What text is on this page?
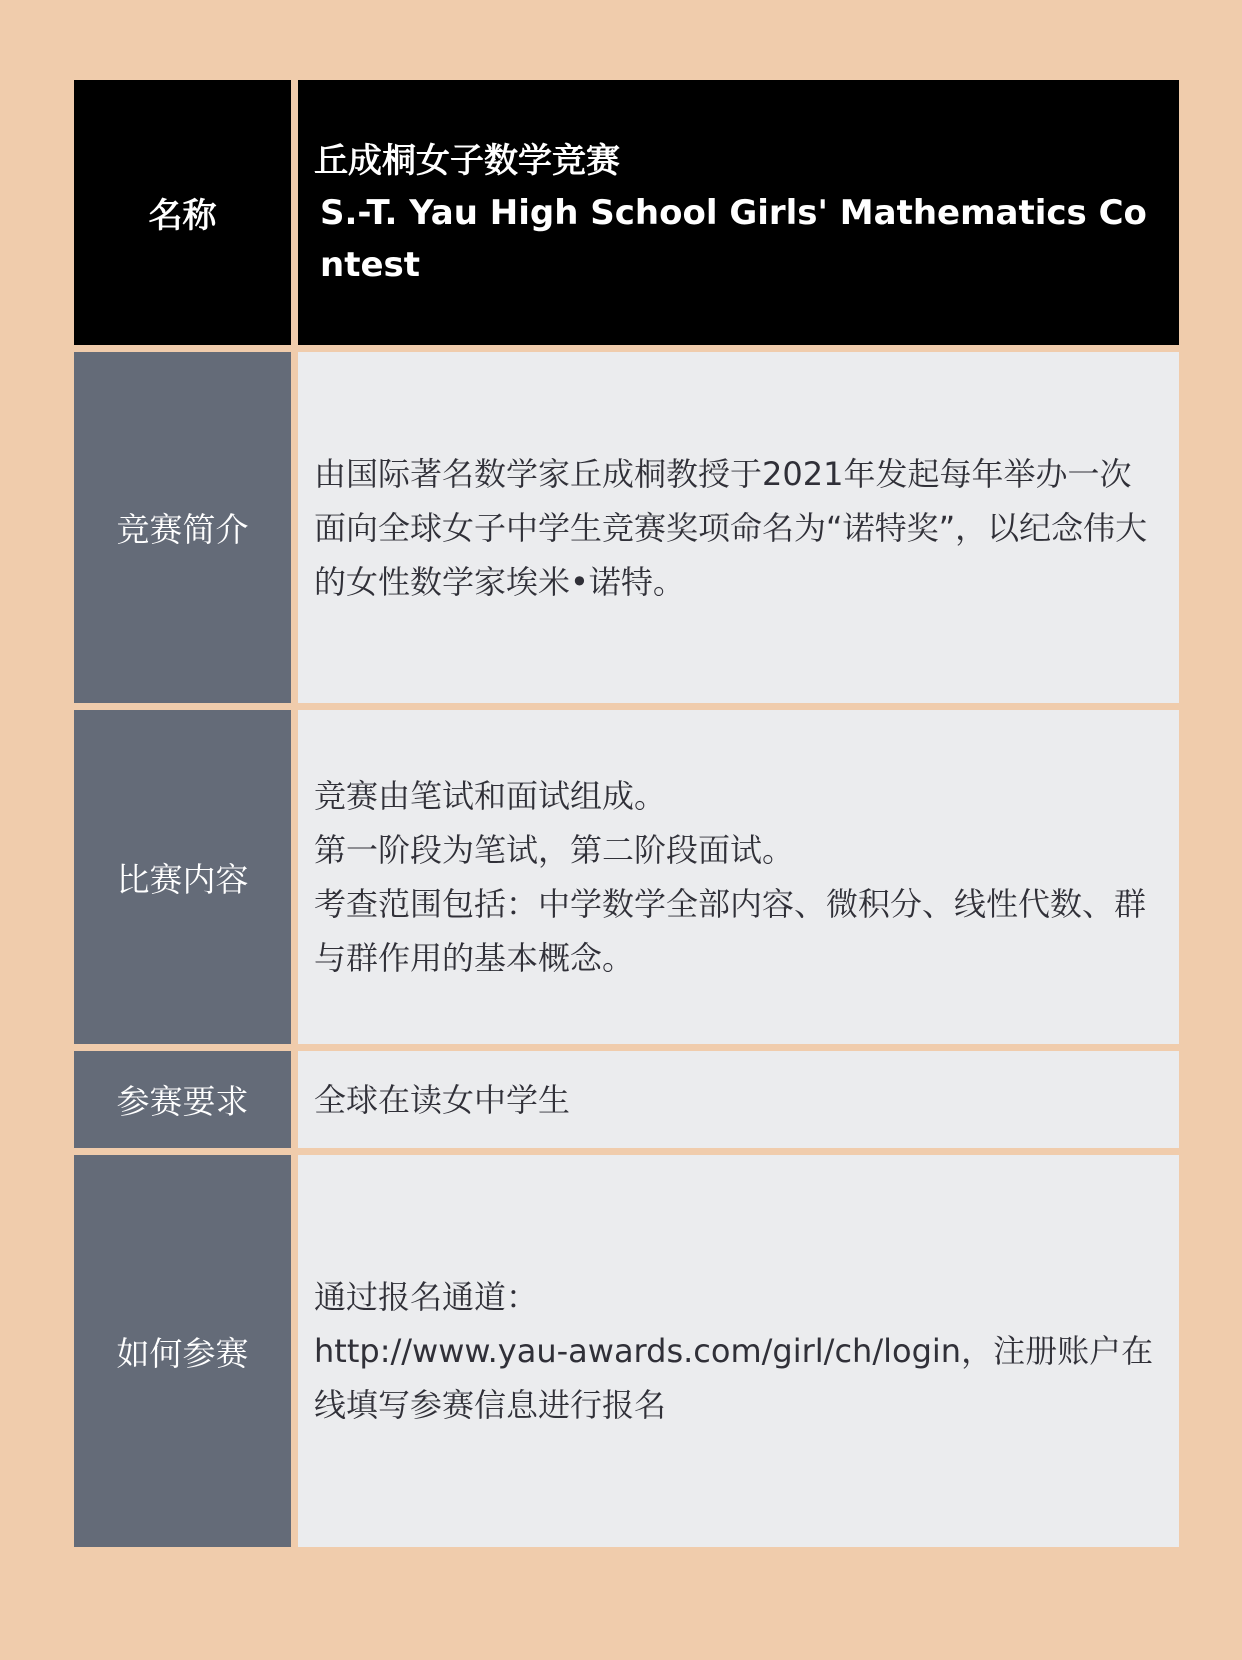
名称
丘成桐女子数学竞赛
S.-T. Yau High School Girls' Mathematics Contest
竞赛简介
由国际著名数学家丘成桐教授于2021年发起每年举办一次
面向全球女子中学生竞赛奖项命名为“诺特奖”，以纪念伟大的女性数学家埃米•诺特。
比赛内容
竞赛由笔试和面试组成。
第一阶段为笔试，第二阶段面试。
考查范围包括：中学数学全部内容、微积分、线性代数、群与群作用的基本概念。
参赛要求	全球在读女中学生
如何参赛
通过报名通道：
http://www.yau-awards.com/girl/ch/login，注册账户在线填写参赛信息进行报名
